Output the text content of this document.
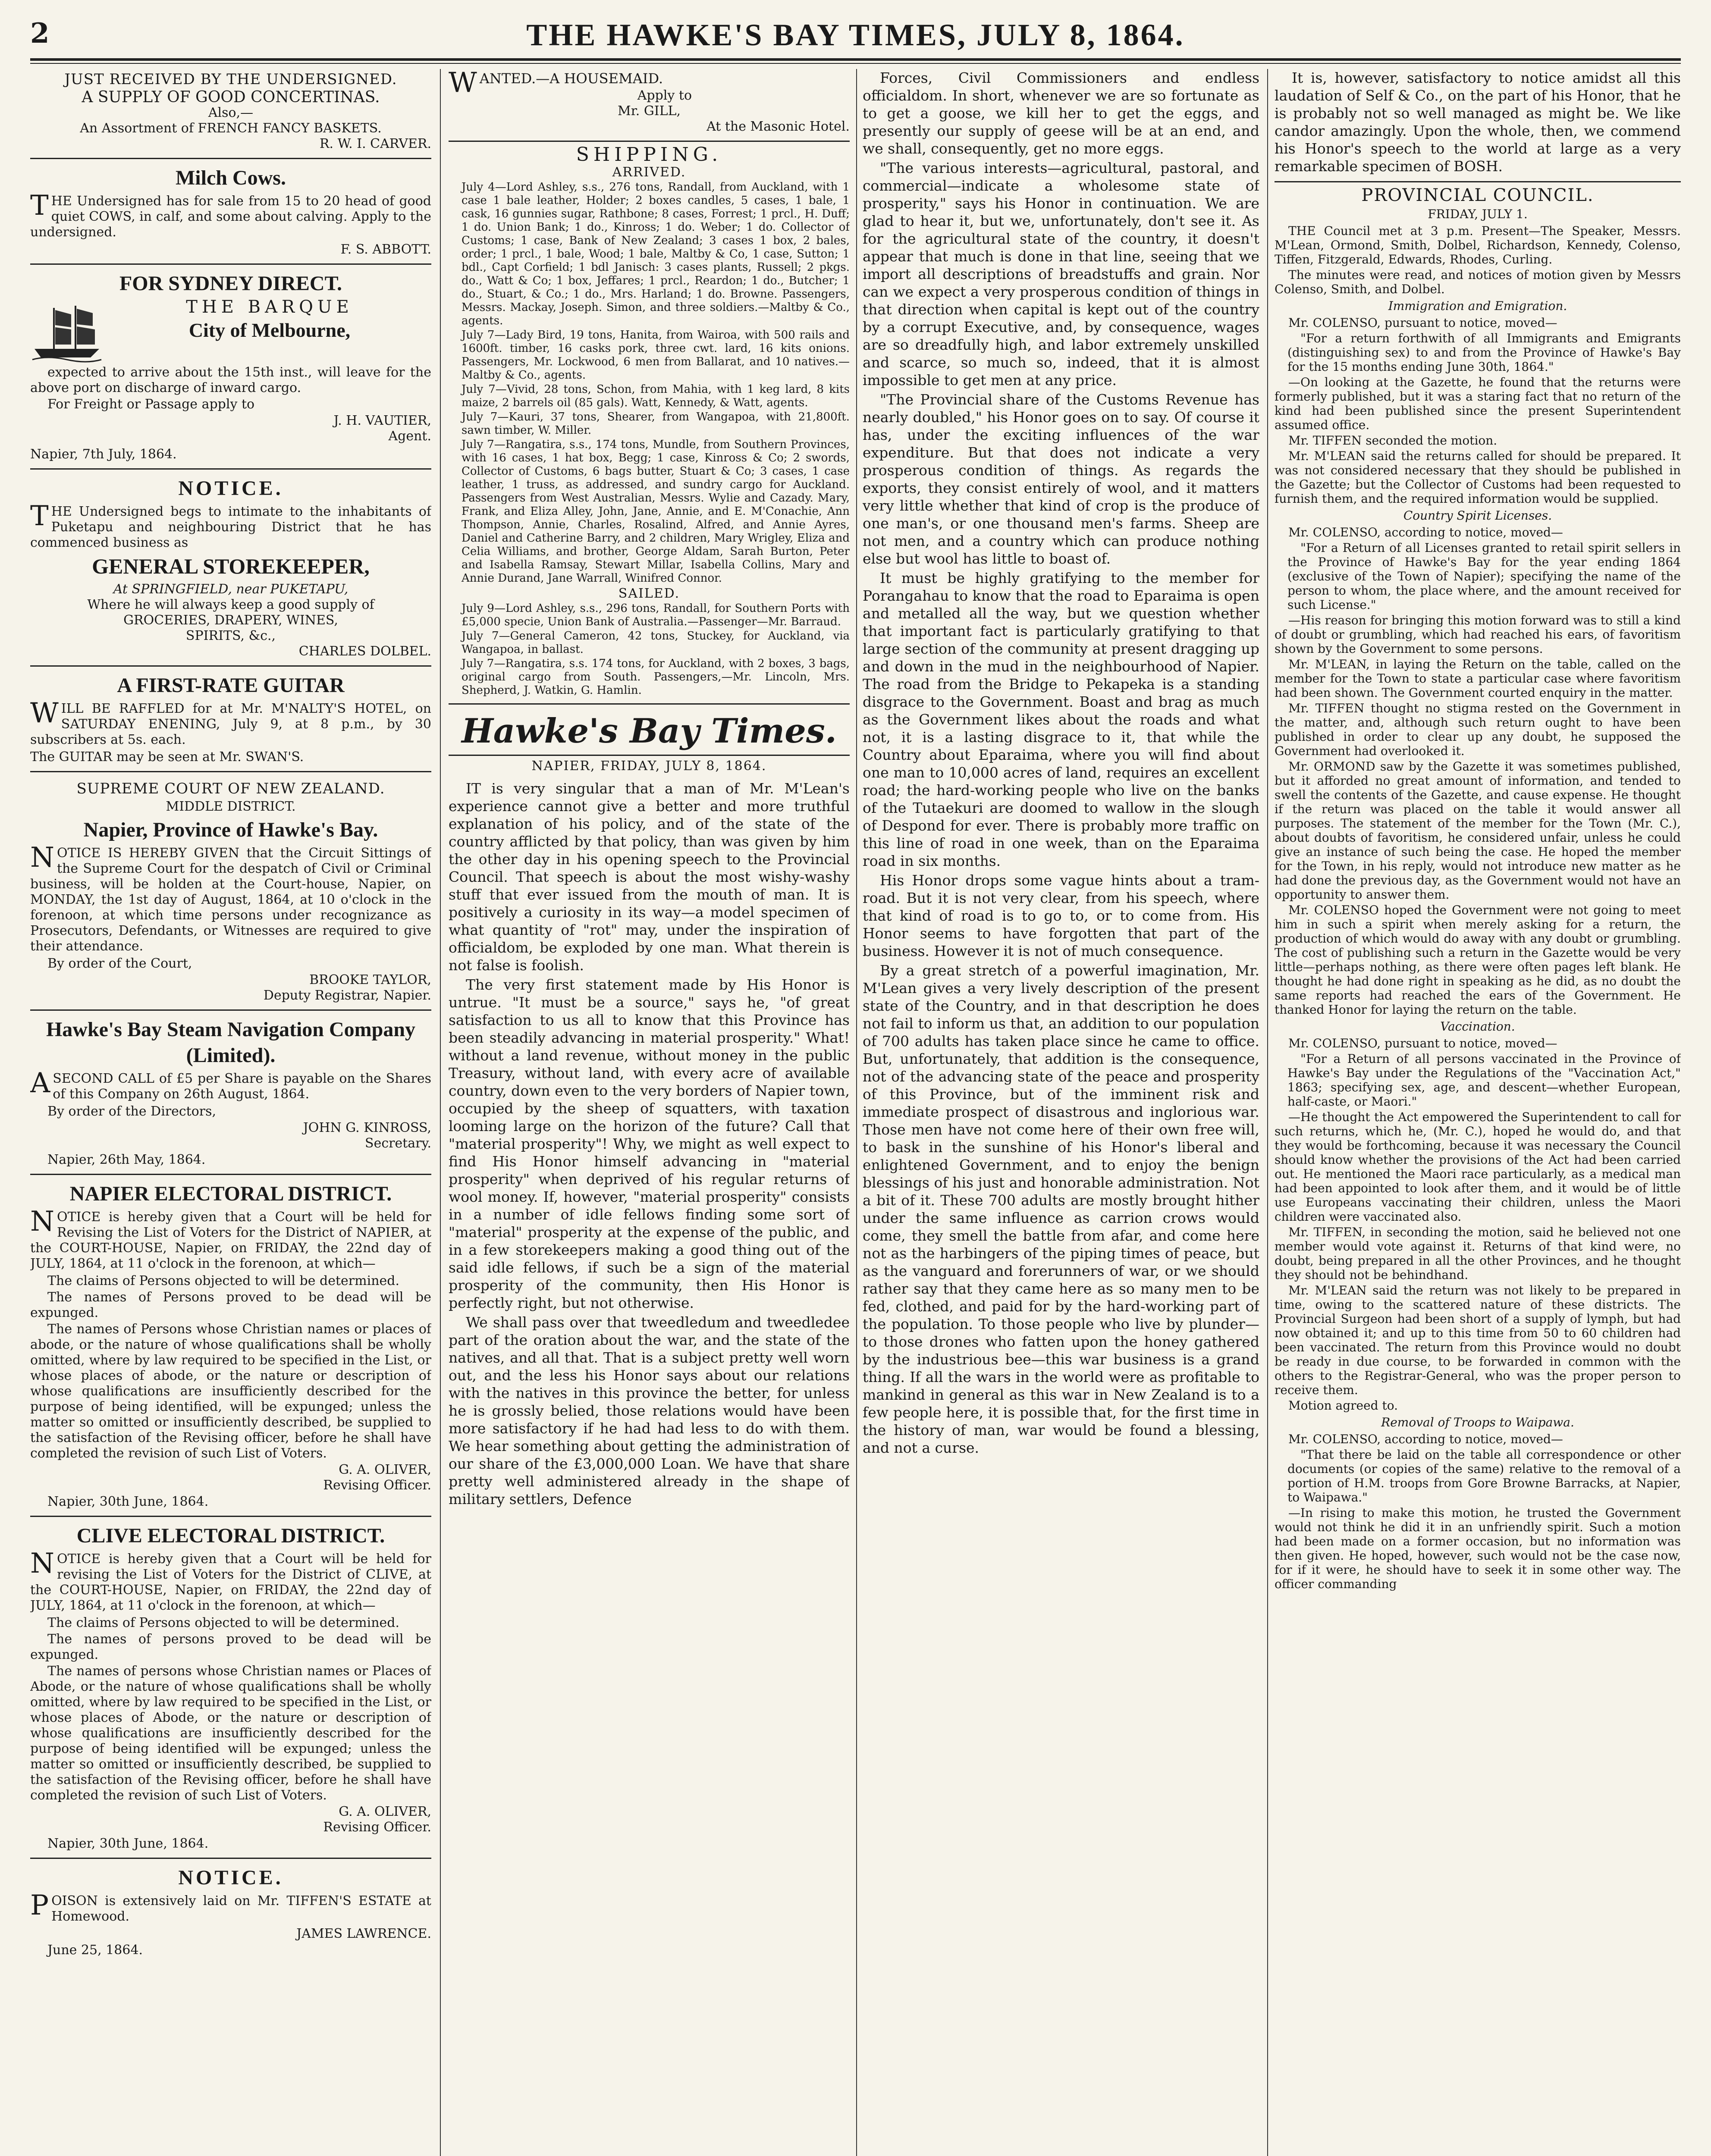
2	THE HAWKE'S BAY TIMES, JULY 8, 1864.
JUST RECEIVED BY THE UNDERSIGNED.
A SUPPLY OF GOOD CONCERTINAS.
Also,—
An Assortment of FRENCH FANCY BASKETS.
R. W. I. CARVER.
Milch Cows.
THE Undersigned has for sale from 15 to 20 head of good quiet COWS, in calf, and some about calving. Apply to the undersigned.
F. S. ABBOTT.
FOR SYDNEY DIRECT.
THE BARQUE
City of Melbourne,
expected to arrive about the 15th inst., will leave for the above port on discharge of inward cargo.
For Freight or Passage apply to
J. H. VAUTIER,
Agent.
Napier, 7th July, 1864.
NOTICE.
THE Undersigned begs to intimate to the inhabitants of Puketapu and neighbouring District that he has commenced business as
GENERAL STOREKEEPER,
At SPRINGFIELD, near PUKETAPU,
Where he will always keep a good supply of
GROCERIES, DRAPERY, WINES,
SPIRITS, &c.,
CHARLES DOLBEL.
A FIRST-RATE GUITAR
WILL BE RAFFLED for at Mr. M'NALTY'S HOTEL, on SATURDAY ENENING, July 9, at 8 p.m., by 30 subscribers at 5s. each.
The GUITAR may be seen at Mr. SWAN'S.
SUPREME COURT OF NEW ZEALAND.
MIDDLE DISTRICT.
Napier, Province of Hawke's Bay.
NOTICE IS HEREBY GIVEN that the Circuit Sittings of the Supreme Court for the despatch of Civil or Criminal business, will be holden at the Court-house, Napier, on MONDAY, the 1st day of August, 1864, at 10 o'clock in the forenoon, at which time persons under recognizance as Prosecutors, Defendants, or Witnesses are required to give their attendance.
By order of the Court,
BROOKE TAYLOR,
Deputy Registrar, Napier.
Hawke's Bay Steam Navigation Company (Limited).
ASECOND CALL of £5 per Share is payable on the Shares of this Company on 26th August, 1864.
By order of the Directors,
JOHN G. KINROSS,
Secretary.
Napier, 26th May, 1864.
NAPIER ELECTORAL DISTRICT.
NOTICE is hereby given that a Court will be held for Revising the List of Voters for the District of NAPIER, at the COURT-HOUSE, Napier, on FRIDAY, the 22nd day of JULY, 1864, at 11 o'clock in the forenoon, at which—
The claims of Persons objected to will be determined.
The names of Persons proved to be dead will be expunged.
The names of Persons whose Christian names or places of abode, or the nature of whose qualifications shall be wholly omitted, where by law required to be specified in the List, or whose places of abode, or the nature or description of whose qualifications are insufficiently described for the purpose of being identified, will be expunged; unless the matter so omitted or insufficiently described, be supplied to the satisfaction of the Revising officer, before he shall have completed the revision of such List of Voters.
G. A. OLIVER,
Revising Officer.
Napier, 30th June, 1864.
CLIVE ELECTORAL DISTRICT.
NOTICE is hereby given that a Court will be held for revising the List of Voters for the District of CLIVE, at the COURT-HOUSE, Napier, on FRIDAY, the 22nd day of JULY, 1864, at 11 o'clock in the forenoon, at which—
The claims of Persons objected to will be determined.
The names of persons proved to be dead will be expunged.
The names of persons whose Christian names or Places of Abode, or the nature of whose qualifications shall be wholly omitted, where by law required to be specified in the List, or whose places of Abode, or the nature or description of whose qualifications are insufficiently described for the purpose of being identified will be expunged; unless the matter so omitted or insufficiently described, be supplied to the satisfaction of the Revising officer, before he shall have completed the revision of such List of Voters.
G. A. OLIVER,
Revising Officer.
Napier, 30th June, 1864.
NOTICE.
POISON is extensively laid on Mr. TIFFEN'S ESTATE at Homewood.
JAMES LAWRENCE.
June 25, 1864.
WANTED.—A HOUSEMAID.
Apply to
Mr. GILL,
At the Masonic Hotel.
SHIPPING.
ARRIVED.
July 4—Lord Ashley, s.s., 276 tons, Randall, from Auckland, with 1 case 1 bale leather, Holder; 2 boxes candles, 5 cases, 1 bale, 1 cask, 16 gunnies sugar, Rathbone; 8 cases, Forrest; 1 prcl., H. Duff; 1 do. Union Bank; 1 do., Kinross; 1 do. Weber; 1 do. Collector of Customs; 1 case, Bank of New Zealand; 3 cases 1 box, 2 bales, order; 1 prcl., 1 bale, Wood; 1 bale, Maltby & Co, 1 case, Sutton; 1 bdl., Capt Corfield; 1 bdl Janisch: 3 cases plants, Russell; 2 pkgs. do., Watt & Co; 1 box, Jeffares; 1 prcl., Reardon; 1 do., Butcher; 1 do., Stuart, & Co.; 1 do., Mrs. Harland; 1 do. Browne. Passengers, Messrs. Mackay, Joseph. Simon, and three soldiers.—Maltby & Co., agents.
July 7—Lady Bird, 19 tons, Hanita, from Wairoa, with 500 rails and 1600ft. timber, 16 casks pork, three cwt. lard, 16 kits onions. Passengers, Mr. Lockwood, 6 men from Ballarat, and 10 natives.—Maltby & Co., agents.
July 7—Vivid, 28 tons, Schon, from Mahia, with 1 keg lard, 8 kits maize, 2 barrels oil (85 gals). Watt, Kennedy, & Watt, agents.
July 7—Kauri, 37 tons, Shearer, from Wangapoa, with 21,800ft. sawn timber, W. Miller.
July 7—Rangatira, s.s., 174 tons, Mundle, from Southern Provinces, with 16 cases, 1 hat box, Begg; 1 case, Kinross & Co; 2 swords, Collector of Customs, 6 bags butter, Stuart & Co; 3 cases, 1 case leather, 1 truss, as addressed, and sundry cargo for Auckland. Passengers from West Australian, Messrs. Wylie and Cazady. Mary, Frank, and Eliza Alley, John, Jane, Annie, and E. M'Conachie, Ann Thompson, Annie, Charles, Rosalind, Alfred, and Annie Ayres, Daniel and Catherine Barry, and 2 children, Mary Wrigley, Eliza and Celia Williams, and brother, George Aldam, Sarah Burton, Peter and Isabella Ramsay, Stewart Millar, Isabella Collins, Mary and Annie Durand, Jane Warrall, Winifred Connor.
SAILED.
July 9—Lord Ashley, s.s., 296 tons, Randall, for Southern Ports with £5,000 specie, Union Bank of Australia.—Passenger—Mr. Barraud.
July 7—General Cameron, 42 tons, Stuckey, for Auckland, via Wangapoa, in ballast.
July 7—Rangatira, s.s. 174 tons, for Auckland, with 2 boxes, 3 bags, original cargo from South. Passengers,—Mr. Lincoln, Mrs. Shepherd, J. Watkin, G. Hamlin.
Hawke's Bay Times.
NAPIER, FRIDAY, JULY 8, 1864.

IT is very singular that a man of Mr. M'Lean's experience cannot give a better and more truthful explanation of his policy, and of the state of the country afflicted by that policy, than was given by him the other day in his opening speech to the Provincial Council. That speech is about the most wishy-washy stuff that ever issued from the mouth of man. It is positively a curiosity in its way—a model specimen of what quantity of "rot" may, under the inspiration of officialdom, be exploded by one man. What therein is not false is foolish.

The very first statement made by His Honor is untrue. "It must be a source," says he, "of great satisfaction to us all to know that this Province has been steadily advancing in material prosperity." What! without a land revenue, without money in the public Treasury, without land, with every acre of available country, down even to the very borders of Napier town, occupied by the sheep of squatters, with taxation looming large on the horizon of the future? Call that "material prosperity"! Why, we might as well expect to find His Honor himself advancing in "material prosperity" when deprived of his regular returns of wool money. If, however, "material prosperity" consists in a number of idle fellows finding some sort of "material" prosperity at the expense of the public, and in a few storekeepers making a good thing out of the said idle fellows, if such be a sign of the material prosperity of the community, then His Honor is perfectly right, but not otherwise.

We shall pass over that tweedledum and tweedledee part of the oration about the war, and the state of the natives, and all that. That is a subject pretty well worn out, and the less his Honor says about our relations with the natives in this province the better, for unless he is grossly belied, those relations would have been more satisfactory if he had had less to do with them. We hear something about getting the administration of our share of the £3,000,000 Loan. We have that share pretty well administered already in the shape of military settlers, Defence

Forces, Civil Commissioners and endless officialdom. In short, whenever we are so fortunate as to get a goose, we kill her to get the eggs, and presently our supply of geese will be at an end, and we shall, consequently, get no more eggs.

"The various interests—agricultural, pastoral, and commercial—indicate a wholesome state of prosperity," says his Honor in continuation. We are glad to hear it, but we, unfortunately, don't see it. As for the agricultural state of the country, it doesn't appear that much is done in that line, seeing that we import all descriptions of breadstuffs and grain. Nor can we expect a very prosperous condition of things in that direction when capital is kept out of the country by a corrupt Executive, and, by consequence, wages are so dreadfully high, and labor extremely unskilled and scarce, so much so, indeed, that it is almost impossible to get men at any price.

"The Provincial share of the Customs Revenue has nearly doubled," his Honor goes on to say. Of course it has, under the exciting influences of the war expenditure. But that does not indicate a very prosperous condition of things. As regards the exports, they consist entirely of wool, and it matters very little whether that kind of crop is the produce of one man's, or one thousand men's farms. Sheep are not men, and a country which can produce nothing else but wool has little to boast of.

It must be highly gratifying to the member for Porangahau to know that the road to Eparaima is open and metalled all the way, but we question whether that important fact is particularly gratifying to that large section of the community at present dragging up and down in the mud in the neighbourhood of Napier. The road from the Bridge to Pekapeka is a standing disgrace to the Government. Boast and brag as much as the Government likes about the roads and what not, it is a lasting disgrace to it, that while the Country about Eparaima, where you will find about one man to 10,000 acres of land, requires an excellent road; the hard-working people who live on the banks of the Tutaekuri are doomed to wallow in the slough of Despond for ever. There is probably more traffic on this line of road in one week, than on the Eparaima road in six months.

His Honor drops some vague hints about a tram-road. But it is not very clear, from his speech, where that kind of road is to go to, or to come from. His Honor seems to have forgotten that part of the business. However it is not of much consequence.

By a great stretch of a powerful imagination, Mr. M'Lean gives a very lively description of the present state of the Country, and in that description he does not fail to inform us that, an addition to our population of 700 adults has taken place since he came to office. But, unfortunately, that addition is the consequence, not of the advancing state of the peace and prosperity of this Province, but of the imminent risk and immediate prospect of disastrous and inglorious war. Those men have not come here of their own free will, to bask in the sunshine of his Honor's liberal and enlightened Government, and to enjoy the benign blessings of his just and honorable administration. Not a bit of it. These 700 adults are mostly brought hither under the same influence as carrion crows would come, they smell the battle from afar, and come here not as the harbingers of the piping times of peace, but as the vanguard and forerunners of war, or we should rather say that they came here as so many men to be fed, clothed, and paid for by the hard-working part of the population. To those people who live by plunder—to those drones who fatten upon the honey gathered by the industrious bee—this war business is a grand thing. If all the wars in the world were as profitable to mankind in general as this war in New Zealand is to a few people here, it is possible that, for the first time in the history of man, war would be found a blessing, and not a curse.

It is, however, satisfactory to notice amidst all this laudation of Self & Co., on the part of his Honor, that he is probably not so well managed as might be. We like candor amazingly. Upon the whole, then, we commend his Honor's speech to the world at large as a very remarkable specimen of BOSH.

PROVINCIAL COUNCIL.
FRIDAY, JULY 1.

THE Council met at 3 p.m. Present—The Speaker, Messrs. M'Lean, Ormond, Smith, Dolbel, Richardson, Kennedy, Colenso, Tiffen, Fitzgerald, Edwards, Rhodes, Curling.

The minutes were read, and notices of motion given by Messrs Colenso, Smith, and Dolbel.

Immigration and Emigration.

Mr. COLENSO, pursuant to notice, moved—

"For a return forthwith of all Immigrants and Emigrants (distinguishing sex) to and from the Province of Hawke's Bay for the 15 months ending June 30th, 1864."

—On looking at the Gazette, he found that the returns were formerly published, but it was a staring fact that no return of the kind had been published since the present Superintendent assumed office.

Mr. TIFFEN seconded the motion.

Mr. M'LEAN said the returns called for should be prepared. It was not considered necessary that they should be published in the Gazette; but the Collector of Customs had been requested to furnish them, and the required information would be supplied.

Country Spirit Licenses.

Mr. COLENSO, according to notice, moved—

"For a Return of all Licenses granted to retail spirit sellers in the Province of Hawke's Bay for the year ending 1864 (exclusive of the Town of Napier); specifying the name of the person to whom, the place where, and the amount received for such License."

—His reason for bringing this motion forward was to still a kind of doubt or grumbling, which had reached his ears, of favoritism shown by the Government to some persons.

Mr. M'LEAN, in laying the Return on the table, called on the member for the Town to state a particular case where favoritism had been shown. The Government courted enquiry in the matter.

Mr. TIFFEN thought no stigma rested on the Government in the matter, and, although such return ought to have been published in order to clear up any doubt, he supposed the Government had overlooked it.

Mr. ORMOND saw by the Gazette it was sometimes published, but it afforded no great amount of information, and tended to swell the contents of the Gazette, and cause expense. He thought if the return was placed on the table it would answer all purposes. The statement of the member for the Town (Mr. C.), about doubts of favoritism, he considered unfair, unless he could give an instance of such being the case. He hoped the member for the Town, in his reply, would not introduce new matter as he had done the previous day, as the Government would not have an opportunity to answer them.

Mr. COLENSO hoped the Government were not going to meet him in such a spirit when merely asking for a return, the production of which would do away with any doubt or grumbling. The cost of publishing such a return in the Gazette would be very little—perhaps nothing, as there were often pages left blank. He thought he had done right in speaking as he did, as no doubt the same reports had reached the ears of the Government. He thanked Honor for laying the return on the table.

Vaccination.

Mr. COLENSO, pursuant to notice, moved—

"For a Return of all persons vaccinated in the Province of Hawke's Bay under the Regulations of the "Vaccination Act," 1863; specifying sex, age, and descent—whether European, half-caste, or Maori."

—He thought the Act empowered the Superintendent to call for such returns, which he, (Mr. C.), hoped he would do, and that they would be forthcoming, because it was necessary the Council should know whether the provisions of the Act had been carried out. He mentioned the Maori race particularly, as a medical man had been appointed to look after them, and it would be of little use Europeans vaccinating their children, unless the Maori children were vaccinated also.

Mr. TIFFEN, in seconding the motion, said he believed not one member would vote against it. Returns of that kind were, no doubt, being prepared in all the other Provinces, and he thought they should not be behindhand.

Mr. M'LEAN said the return was not likely to be prepared in time, owing to the scattered nature of these districts. The Provincial Surgeon had been short of a supply of lymph, but had now obtained it; and up to this time from 50 to 60 children had been vaccinated. The return from this Province would no doubt be ready in due course, to be forwarded in common with the others to the Registrar-General, who was the proper person to receive them.

Motion agreed to.

Removal of Troops to Waipawa.

Mr. COLENSO, according to notice, moved—

"That there be laid on the table all correspondence or other documents (or copies of the same) relative to the removal of a portion of H.M. troops from Gore Browne Barracks, at Napier, to Waipawa."

—In rising to make this motion, he trusted the Government would not think he did it in an unfriendly spirit. Such a motion had been made on a former occasion, but no information was then given. He hoped, however, such would not be the case now, for if it were, he should have to seek it in some other way. The officer commanding
